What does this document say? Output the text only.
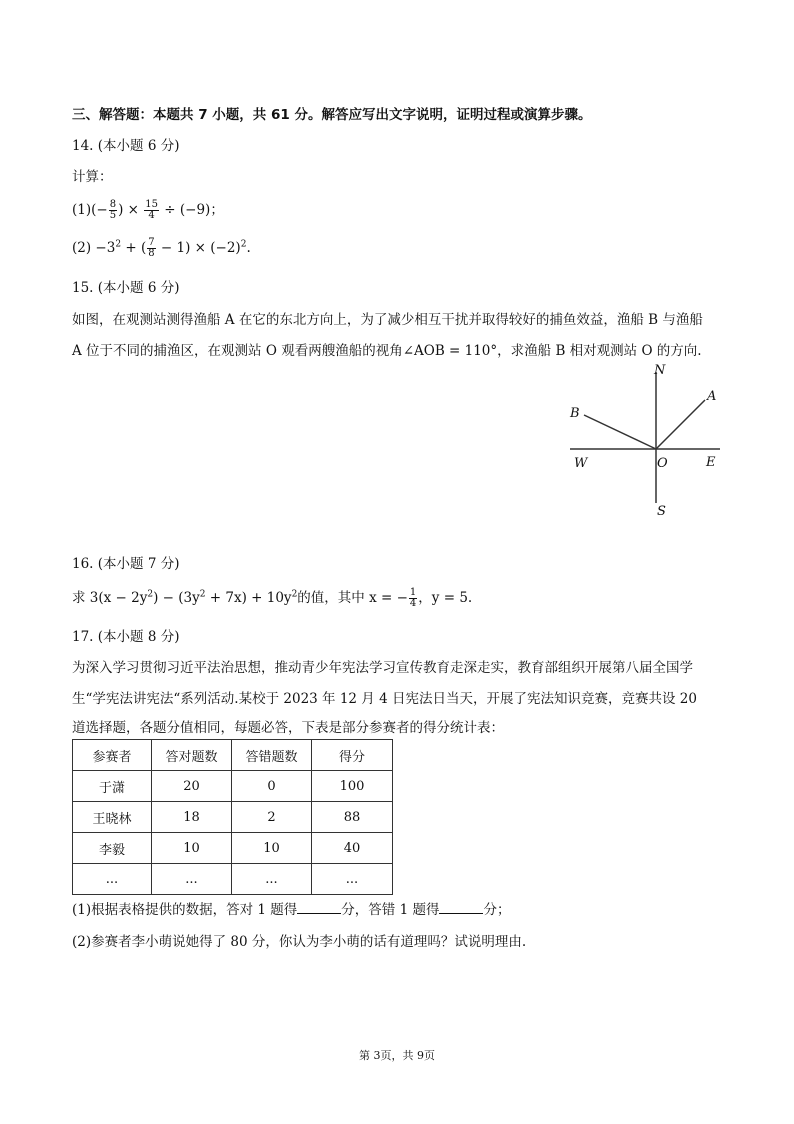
三、解答题：本题共 7 小题，共 61 分。解答应写出文字说明，证明过程或演算步骤。
14. (本小题 6 分)
计算：
$(1)(- \frac{8}{5}$ ) × $\frac{15}{4} \div (-9)$；
$(2) -3^2$ + ( $\frac{7}{8} - 1) \times (-2)^2$.
15. (本小题 6 分)
如图，在观测站测得渔船 A 在它的东北方向上，为了减少相互干扰并取得较好的捕鱼效益，渔船 B 与渔船
A 位于不同的捕渔区，在观测站 O 观看两艘渔船的视角∠AOB = 110°，求渔船 B 相对观测站 O 的方向.
N
A
B
W	O	E
S
16. (本小题 7 分)
求 $3(x - 2y^2) - (3y^2 + 7x) + 10y^2$的值，其中 x = − $\frac{1}{4}$ ，y = 5.
17. (本小题 8 分)
为深入学习贯彻习近平法治思想，推动青少年宪法学习宣传教育走深走实，教育部组织开展第八届全国学
生“学宪法讲宪法“系列活动.某校于 2023 年 12 月 4 日宪法日当天，开展了宪法知识竞赛，竞赛共设 20
道选择题，各题分值相同，每题必答，下表是部分参赛者的得分统计表：
参赛者	答对题数	答错题数	得分
于潇	20	0	100
王晓林	18	2	88
李毅	10	10	40
...	...	...	...
(1)根据表格提供的数据，答对 1 题得	分，答错 1 题得	分；
(2)参赛者李小萌说她得了 80 分，你认为李小萌的话有道理吗？试说明理由.
第 3页，共 9页
